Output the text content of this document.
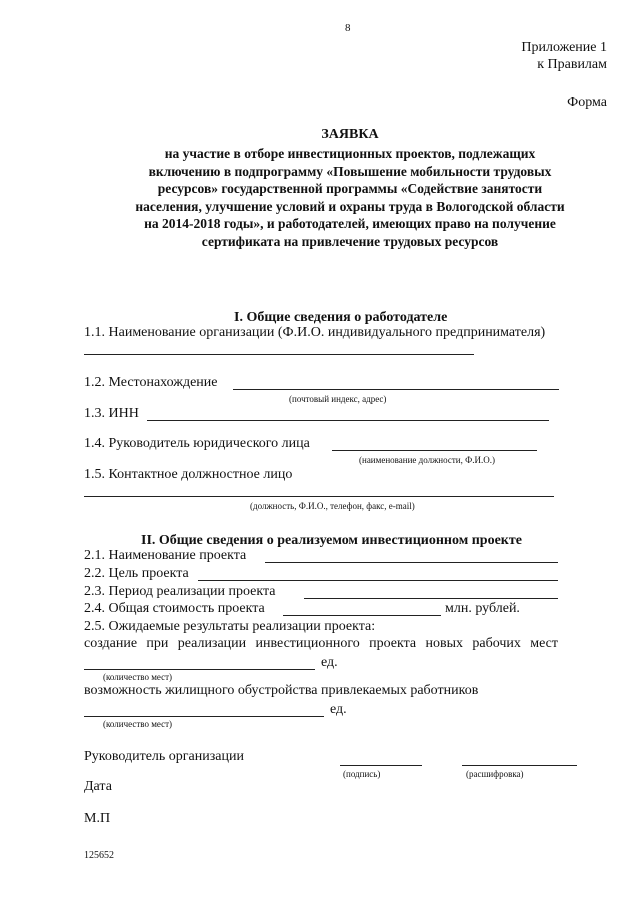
8
Приложение 1
к Правилам
Форма
ЗАЯВКА
на участие в отборе инвестиционных проектов, подлежащих
включению в подпрограмму «Повышение мобильности трудовых
ресурсов» государственной программы «Содействие занятости
населения, улучшение условий и охраны труда в Вологодской области
на 2014-2018 годы», и работодателей, имеющих право на получение
сертификата на привлечение трудовых ресурсов
I. Общие сведения о работодателе
1.1. Наименование организации (Ф.И.О. индивидуального предпринимателя)
1.2. Местонахождение
(почтовый индекс, адрес)
1.3. ИНН
1.4. Руководитель юридического лица
(наименование должности, Ф.И.О.)
1.5. Контактное должностное лицо
(должность, Ф.И.О., телефон, факс, e-mail)
II. Общие сведения о реализуемом инвестиционном проекте
2.1. Наименование проекта
2.2. Цель проекта
2.3. Период реализации проекта
2.4. Общая стоимость проекта	млн. рублей.
2.5. Ожидаемые результаты реализации проекта:
создание при реализации инвестиционного проекта новых рабочих мест
ед.
(количество мест)
возможность жилищного обустройства привлекаемых работников
ед.
(количество мест)
Руководитель организации
(подпись)	(расшифровка)
Дата
М.П
125652
